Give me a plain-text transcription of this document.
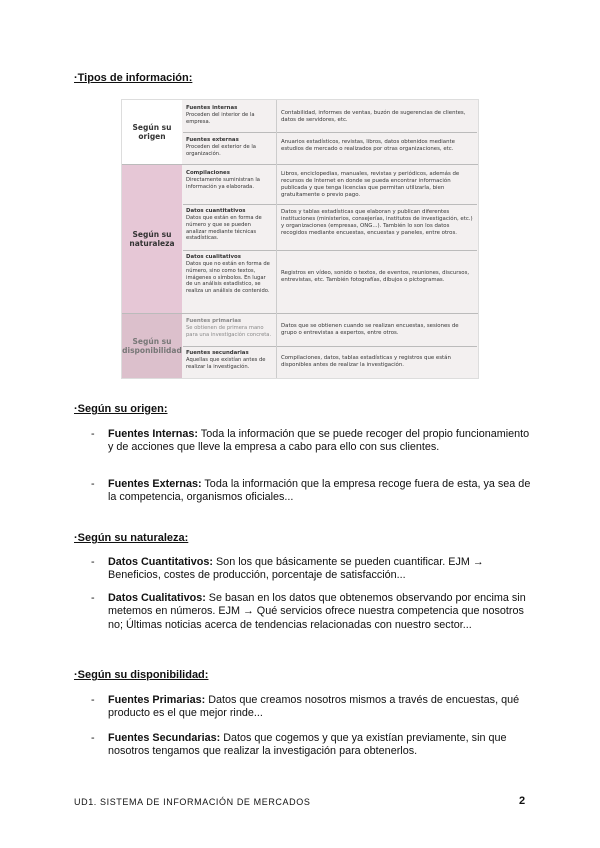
·Tipos de información:
Según su origen
Fuentes internas
Proceden del interior de la empresa.
Contabilidad, informes de ventas, buzón de sugerencias de clientes, datos de servidores, etc.
Fuentes externas
Proceden del exterior de la organización.
Anuarios estadísticos, revistas, libros, datos obtenidos mediante estudios de mercado o realizados por otras organizaciones, etc.
Según su naturaleza
Compilaciones
Directamente suministran la información ya elaborada.
Libros, enciclopedias, manuales, revistas y periódicos, además de recursos de Internet en donde se pueda encontrar información publicada y que tenga licencias que permitan utilizarla, bien gratuitamente o previo pago.
Datos cuantitativos
Datos que están en forma de número y que se pueden analizar mediante técnicas estadísticas.
Datos y tablas estadísticas que elaboran y publican diferentes instituciones (ministerios, consejerías, institutos de investigación, etc.) y organizaciones (empresas, ONG...). También lo son los datos recogidos mediante encuestas, encuestas y paneles, entre otros.
Datos cualitativos
Datos que no están en forma de número, sino como textos, imágenes o símbolos. En lugar de un análisis estadístico, se realiza un análisis de contenido.
Registros en vídeo, sonido o textos, de eventos, reuniones, discursos, entrevistas, etc. También fotografías, dibujos o pictogramas.
Según su disponibilidad
Fuentes primarias
Se obtienen de primera mano para una investigación concreta.
Datos que se obtienen cuando se realizan encuestas, sesiones de grupo o entrevistas a expertos, entre otros.
Fuentes secundarias
Aquellas que existían antes de realizar la investigación.
Compilaciones, datos, tablas estadísticas y registros que están disponibles antes de realizar la investigación.
·Según su origen:
- Fuentes Internas: Toda la información que se puede recoger del propio funcionamiento y de acciones que lleve la empresa a cabo para ello con sus clientes.
- Fuentes Externas: Toda la información que la empresa recoge fuera de esta, ya sea de la competencia, organismos oficiales...
·Según su naturaleza:
- Datos Cuantitativos: Son los que básicamente se pueden cuantificar. EJM → Beneficios, costes de producción, porcentaje de satisfacción...
- Datos Cualitativos: Se basan en los datos que obtenemos observando por encima sin metemos en números. EJM → Qué servicios ofrece nuestra competencia que nosotros no; Últimas noticias acerca de tendencias relacionadas con nuestro sector...
·Según su disponibilidad:
- Fuentes Primarias: Datos que creamos nosotros mismos a través de encuestas, qué producto es el que mejor rinde...
- Fuentes Secundarias: Datos que cogemos y que ya existían previamente, sin que nosotros tengamos que realizar la investigación para obtenerlos.
UD1. SISTEMA DE INFORMACIÓN DE MERCADOS	2
